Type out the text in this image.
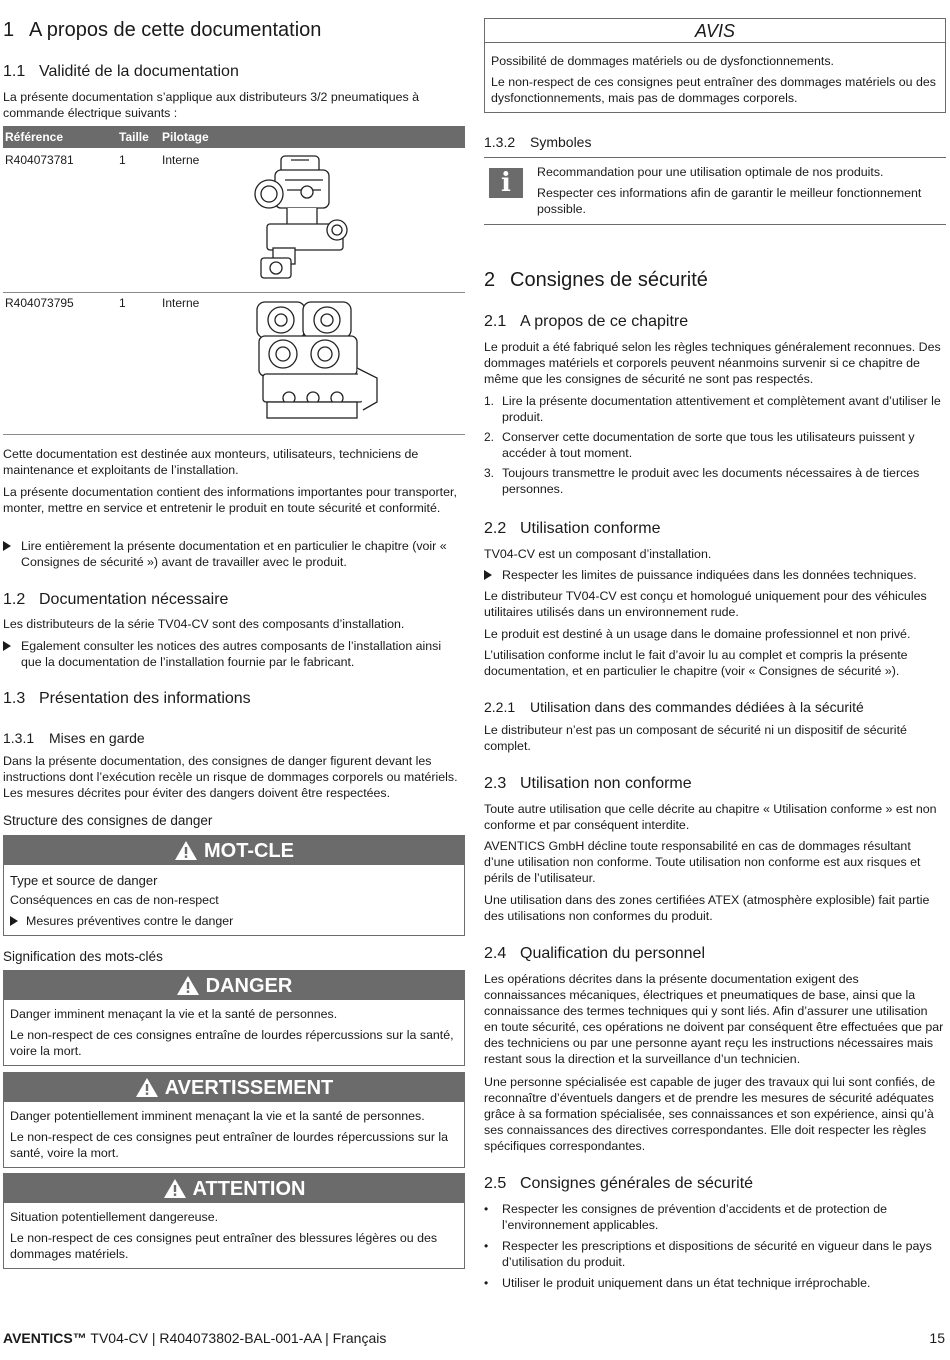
1 A propos de cette documentation
1.1 Validité de la documentation

La présente documentation s’applique aux distributeurs 3/2 pneumatiques à commande électrique suivants :

Référence	Taille Pilotage
R404073781	1	Interne
R404073795	1	Interne

Cette documentation est destinée aux monteurs, utilisateurs, techniciens de maintenance et exploitants de l’installation.

La présente documentation contient des informations importantes pour transporter, monter, mettre en service et entretenir le produit en toute sécurité et conformité.

Lire entièrement la présente documentation et en particulier le chapitre (voir « Consignes de sécurité ») avant de travailler avec le produit.

1.2 Documentation nécessaire

Les distributeurs de la série TV04-CV sont des composants d’installation.

Egalement consulter les notices des autres composants de l’installation ainsi que la documentation de l’installation fournie par le fabricant.

1.3 Présentation des informations
1.3.1 Mises en garde

Dans la présente documentation, des consignes de danger figurent devant les instructions dont l’exécution recèle un risque de dommages corporels ou matériels. Les mesures décrites pour éviter des dangers doivent être respectées.

Structure des consignes de danger
MOT-CLE
Type et source de danger
Conséquences en cas de non-respect
Mesures préventives contre le danger
Signification des mots-clés
DANGER

Danger imminent menaçant la vie et la santé de personnes.

Le non-respect de ces consignes entraîne de lourdes répercussions sur la santé, voire la mort.

AVERTISSEMENT

Danger potentiellement imminent menaçant la vie et la santé de personnes.

Le non-respect de ces consignes peut entraîner de lourdes répercussions sur la santé, voire la mort.

ATTENTION

Situation potentiellement dangereuse.

Le non-respect de ces consignes peut entraîner des blessures légères ou des dommages matériels.

AVIS

Possibilité de dommages matériels ou de dysfonctionnements.

Le non-respect de ces consignes peut entraîner des dommages matériels ou des dysfonctionnements, mais pas de dommages corporels.

1.3.2 Symboles
i	Recommandation pour une utilisation optimale de nos produits.

Respecter ces informations afin de garantir le meilleur fonctionnement possible.

2 Consignes de sécurité
2.1 A propos de ce chapitre

Le produit a été fabriqué selon les règles techniques généralement reconnues. Des dommages matériels et corporels peuvent néanmoins survenir si ce chapitre de même que les consignes de sécurité ne sont pas respectés.

1. Lire la présente documentation attentivement et complètement avant d’utiliser le produit.

2. Conserver cette documentation de sorte que tous les utilisateurs puissent y accéder à tout moment.

3. Toujours transmettre le produit avec les documents nécessaires à de tierces personnes.

2.2 Utilisation conforme

TV04-CV est un composant d’installation.

Respecter les limites de puissance indiquées dans les données techniques.

Le distributeur TV04-CV est conçu et homologué uniquement pour des véhicules utilitaires utilisés dans un environnement rude.

Le produit est destiné à un usage dans le domaine professionnel et non privé.

L’utilisation conforme inclut le fait d’avoir lu au complet et compris la présente documentation, et en particulier le chapitre (voir « Consignes de sécurité »).

2.2.1 Utilisation dans des commandes dédiées à la sécurité

Le distributeur n’est pas un composant de sécurité ni un dispositif de sécurité complet.

2.3 Utilisation non conforme

Toute autre utilisation que celle décrite au chapitre « Utilisation conforme » est non conforme et par conséquent interdite.

AVENTICS GmbH décline toute responsabilité en cas de dommages résultant d’une utilisation non conforme. Toute utilisation non conforme est aux risques et périls de l’utilisateur.

Une utilisation dans des zones certifiées ATEX (atmosphère explosible) fait partie des utilisations non conformes du produit.

2.4 Qualification du personnel

Les opérations décrites dans la présente documentation exigent des connaissances mécaniques, électriques et pneumatiques de base, ainsi que la connaissance des termes techniques qui y sont liés. Afin d’assurer une utilisation en toute sécurité, ces opérations ne doivent par conséquent être effectuées que par des techniciens ou par une personne ayant reçu les instructions nécessaires mais restant sous la direction et la surveillance d’un technicien.

Une personne spécialisée est capable de juger des travaux qui lui sont confiés, de reconnaître d’éventuels dangers et de prendre les mesures de sécurité adéquates grâce à sa formation spécialisée, ses connaissances et son expérience, ainsi qu’à ses connaissances des directives correspondantes. Elle doit respecter les règles spécifiques correspondantes.

2.5 Consignes générales de sécurité
•	Respecter les consignes de prévention d’accidents et de protection de l’environnement applicables.

•	Respecter les prescriptions et dispositions de sécurité en vigueur dans le pays d’utilisation du produit.

•	Utiliser le produit uniquement dans un état technique irréprochable.

AVENTICS™ TV04-CV | R404073802-BAL-001-AA | Français	15
